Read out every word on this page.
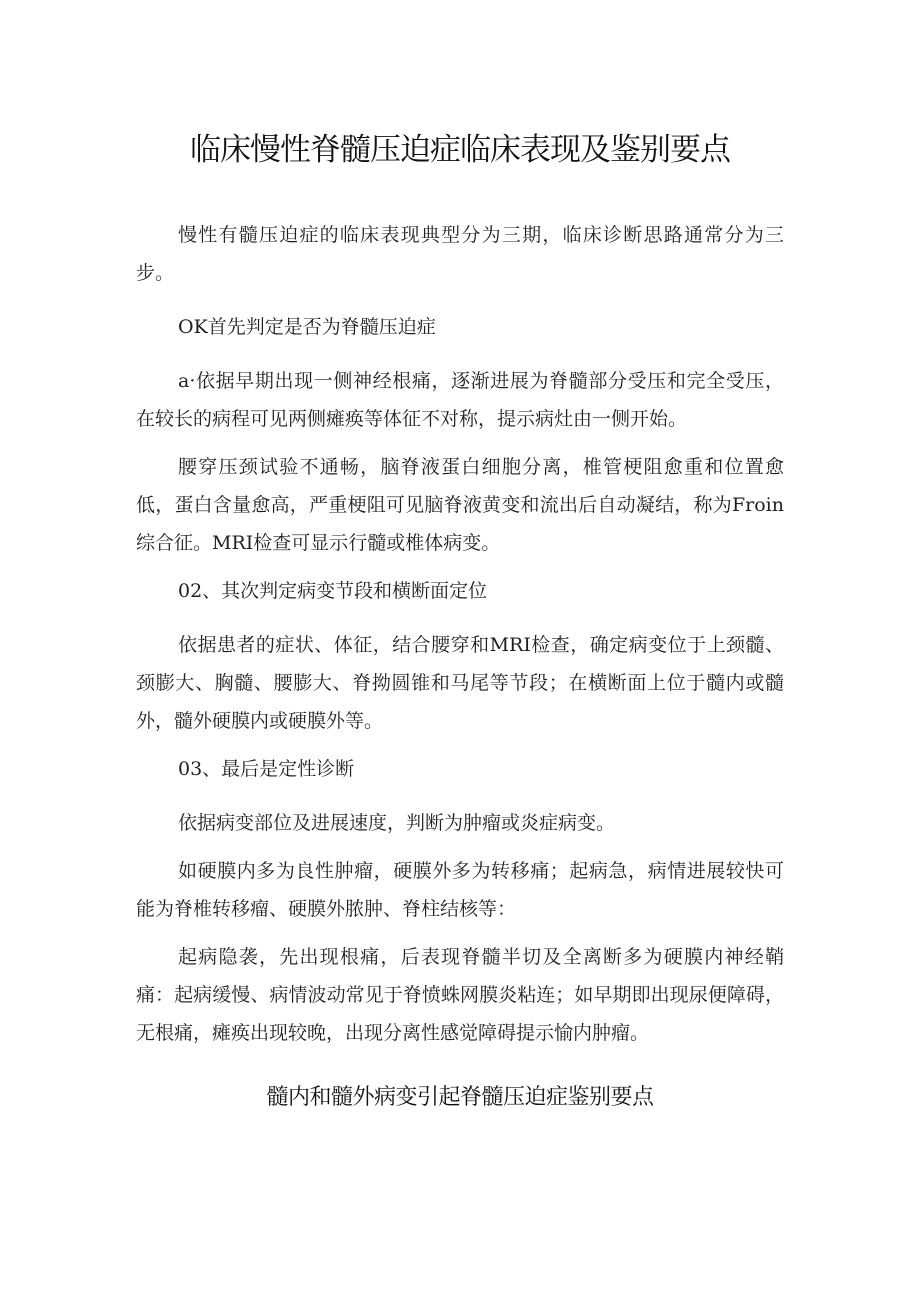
临床慢性脊髓压迫症临床表现及鉴别要点

慢性有髓压迫症的临床表现典型分为三期，临床诊断思路通常分为三步。

OK首先判定是否为脊髓压迫症

a·依据早期出现一侧神经根痛，逐渐进展为脊髓部分受压和完全受压，在较长的病程可见两侧瘫痪等体征不对称，提示病灶由一侧开始。

腰穿压颈试验不通畅，脑脊液蛋白细胞分离，椎管梗阻愈重和位置愈低，蛋白含量愈高，严重梗阻可见脑脊液黄变和流出后自动凝结，称为Froin综合征。MRI检查可显示行髓或椎体病变。

02、其次判定病变节段和横断面定位

依据患者的症状、体征，结合腰穿和MRI检查，确定病变位于上颈髓、颈膨大、胸髓、腰膨大、脊拗圆锥和马尾等节段；在横断面上位于髓内或髓外，髓外硬膜内或硬膜外等。

03、最后是定性诊断

依据病变部位及进展速度，判断为肿瘤或炎症病变。

如硬膜内多为良性肿瘤，硬膜外多为转移痛；起病急，病情进展较快可能为脊椎转移瘤、硬膜外脓肿、脊柱结核等：

起病隐袭，先出现根痛，后表现脊髓半切及全离断多为硬膜内神经鞘痛：起病缓慢、病情波动常见于脊愤蛛网膜炎粘连；如早期即出现尿便障碍，无根痛，瘫痪出现较晚，出现分离性感觉障碍提示愉内肿瘤。

髓内和髓外病变引起脊髓压迫症鉴别要点
